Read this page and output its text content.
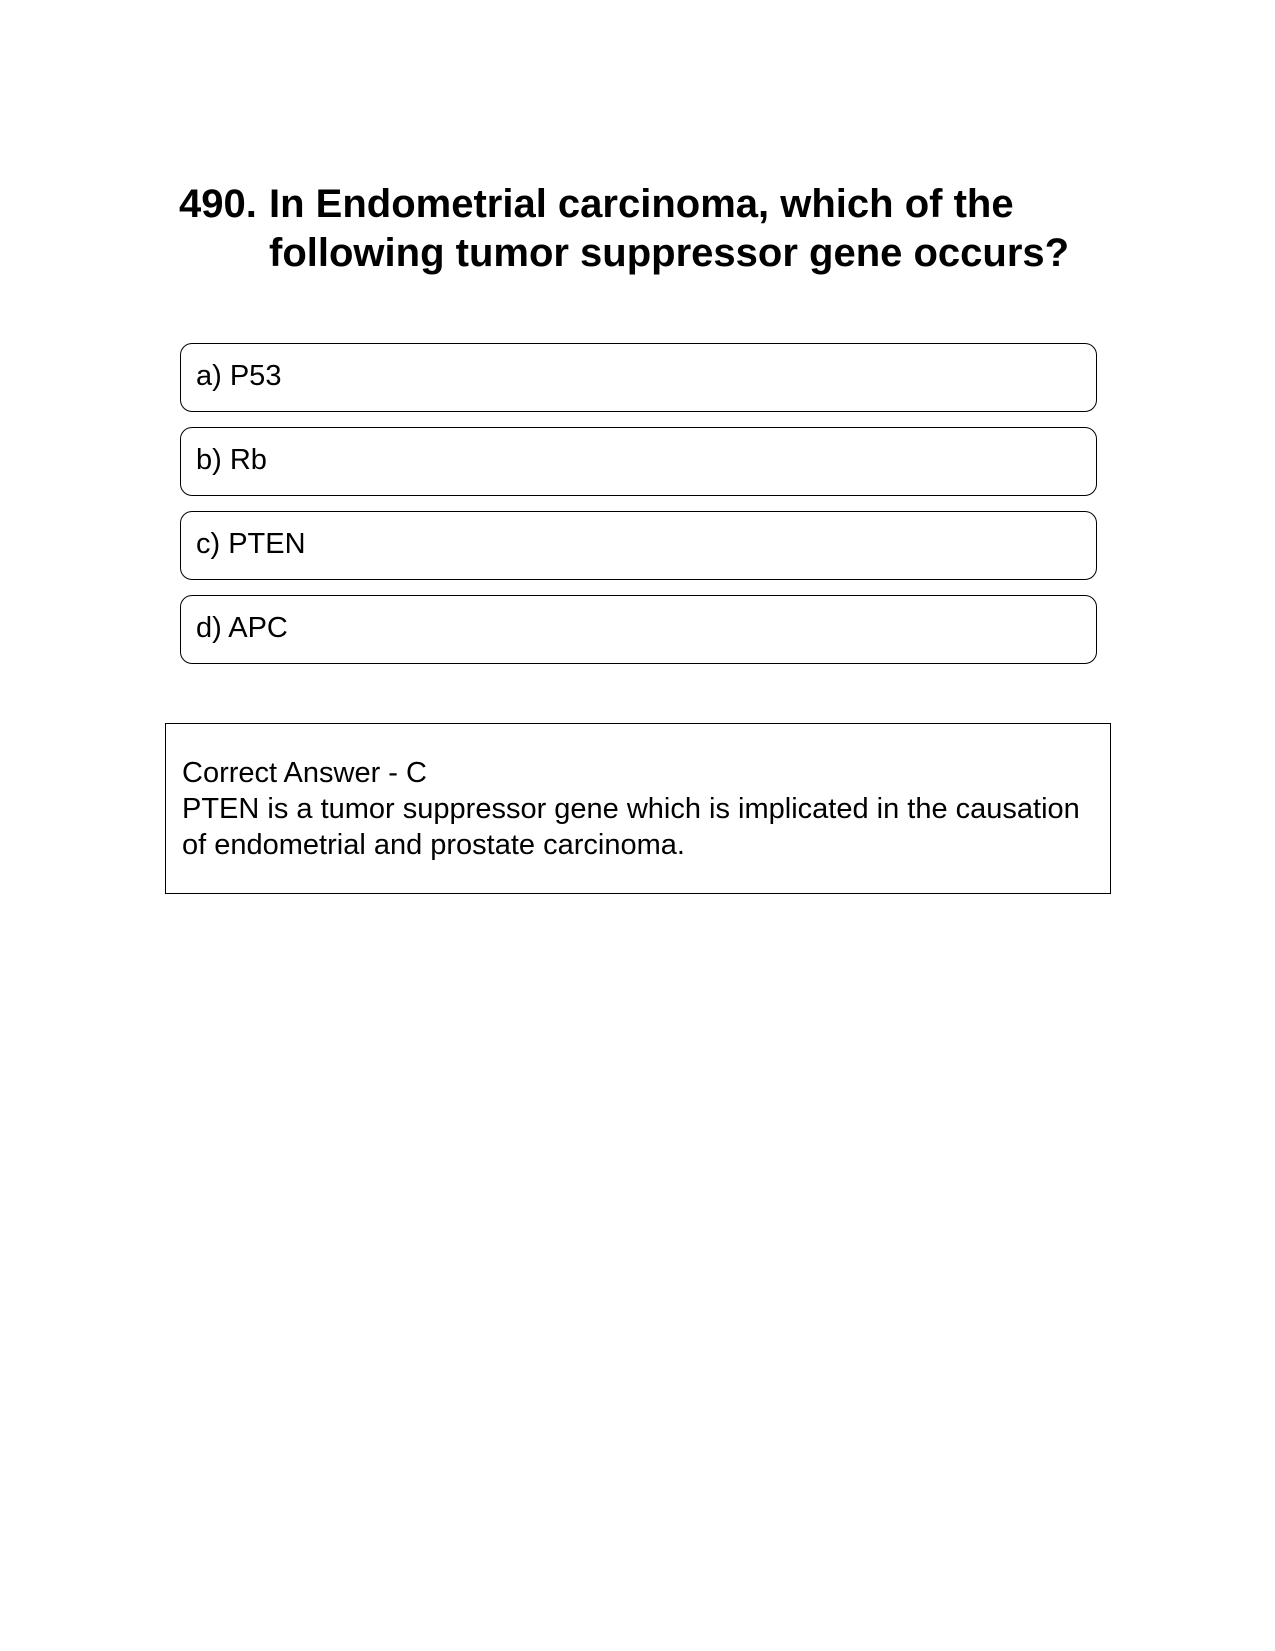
490. In Endometrial carcinoma, which of the following tumor suppressor gene occurs?
a) P53
b) Rb
c) PTEN
d) APC
Correct Answer - C
PTEN is a tumor suppressor gene which is implicated in the causation of endometrial and prostate carcinoma.
